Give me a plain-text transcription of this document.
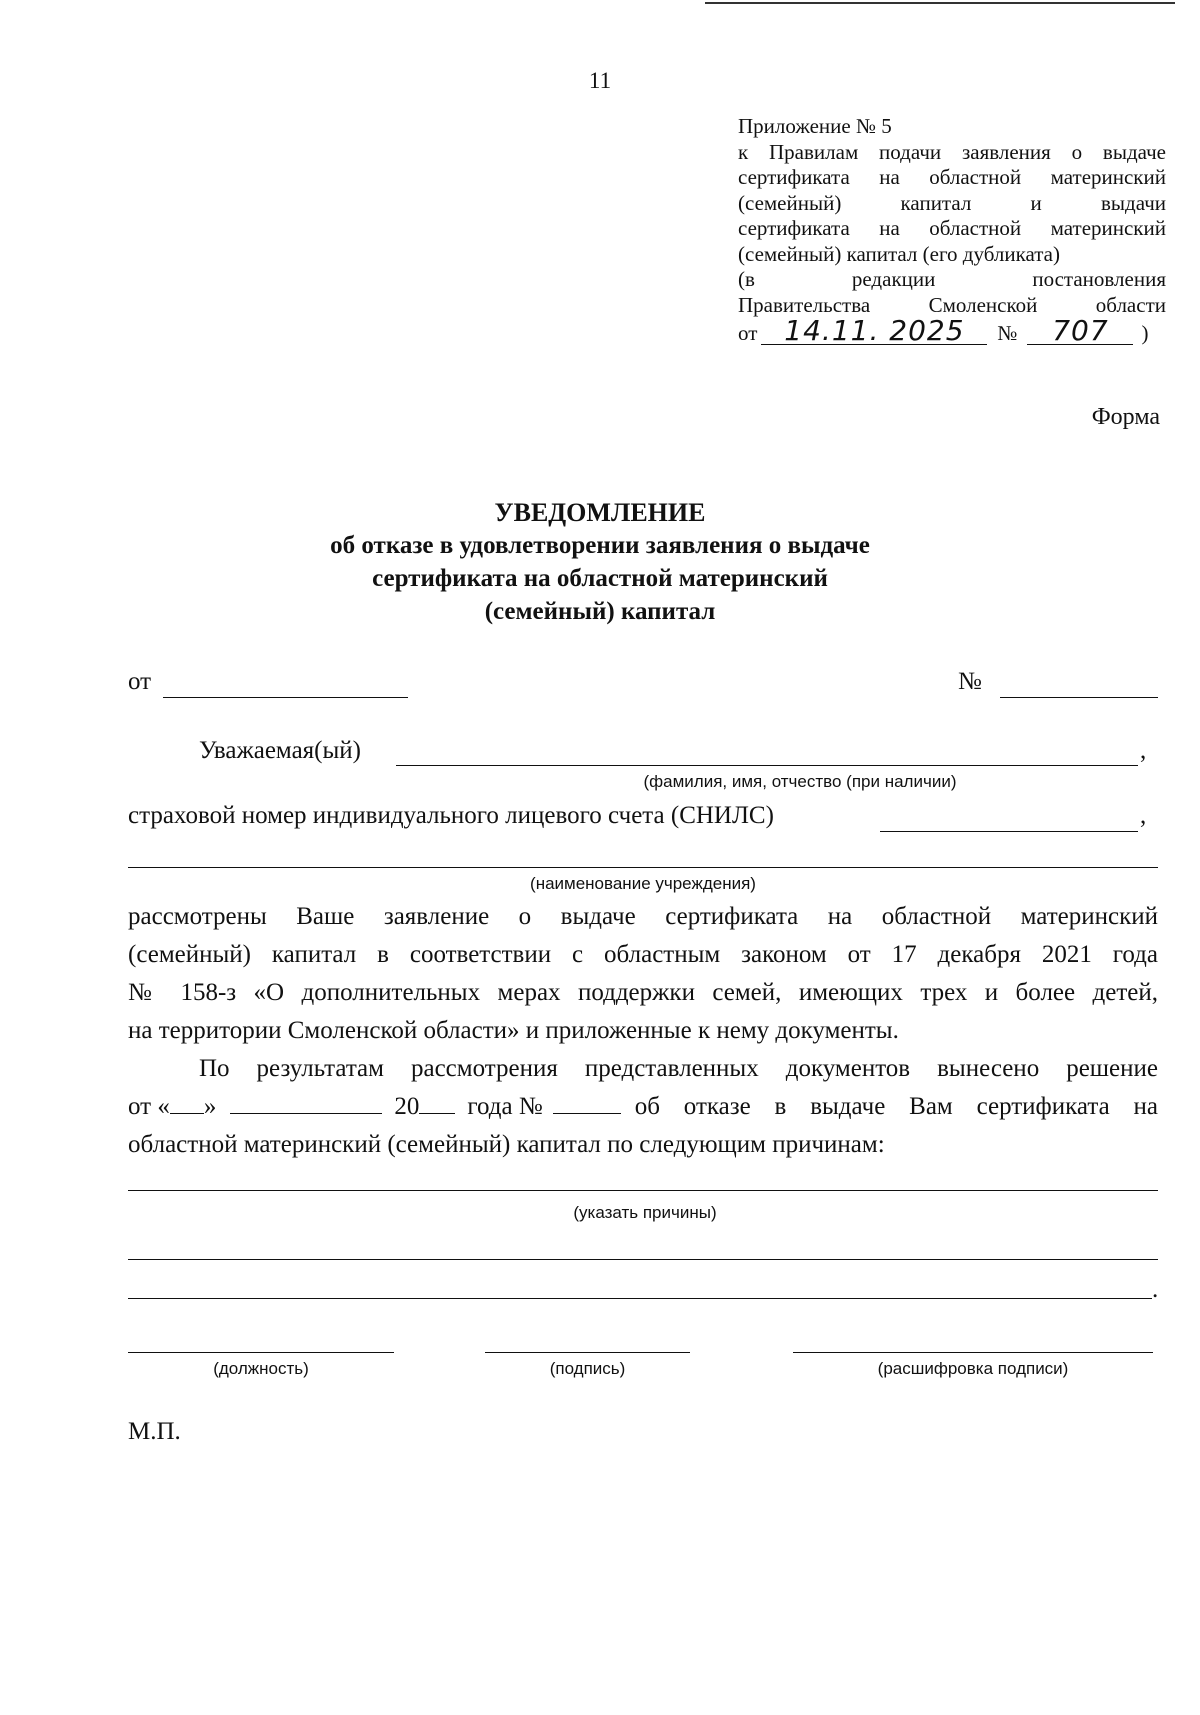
11
Приложение № 5
к Правилам подачи заявления о выдаче
сертификата на областной материнский
(семейный) капитал и выдачи
сертификата на областной материнский
(семейный) капитал (его дубликата)
(в редакции постановления
Правительства Смоленской области
от 14.11. 2025	№	707	)
Форма
УВЕДОМЛЕНИЕ
об отказе в удовлетворении заявления о выдаче
сертификата на областной материнский
(семейный) капитал
от	№
Уважаемая(ый)	,
(фамилия, имя, отчество (при наличии)
страховой номер индивидуального лицевого счета (СНИЛС)	,
(наименование учреждения)
рассмотрены Ваше заявление о выдаче сертификата на областной материнский
(семейный) капитал в соответствии с областным законом от 17 декабря 2021 года
№ 158-з «О дополнительных мерах поддержки семей, имеющих трех и более детей,
на территории Смоленской области» и приложенные к нему документы.
По результатам рассмотрения представленных документов вынесено решение
от « »	20 года №	об отказе в выдаче Вам сертификата на
областной материнский (семейный) капитал по следующим причинам:
(указать причины)
.
(должность)	(подпись)	(расшифровка подписи)
М.П.
